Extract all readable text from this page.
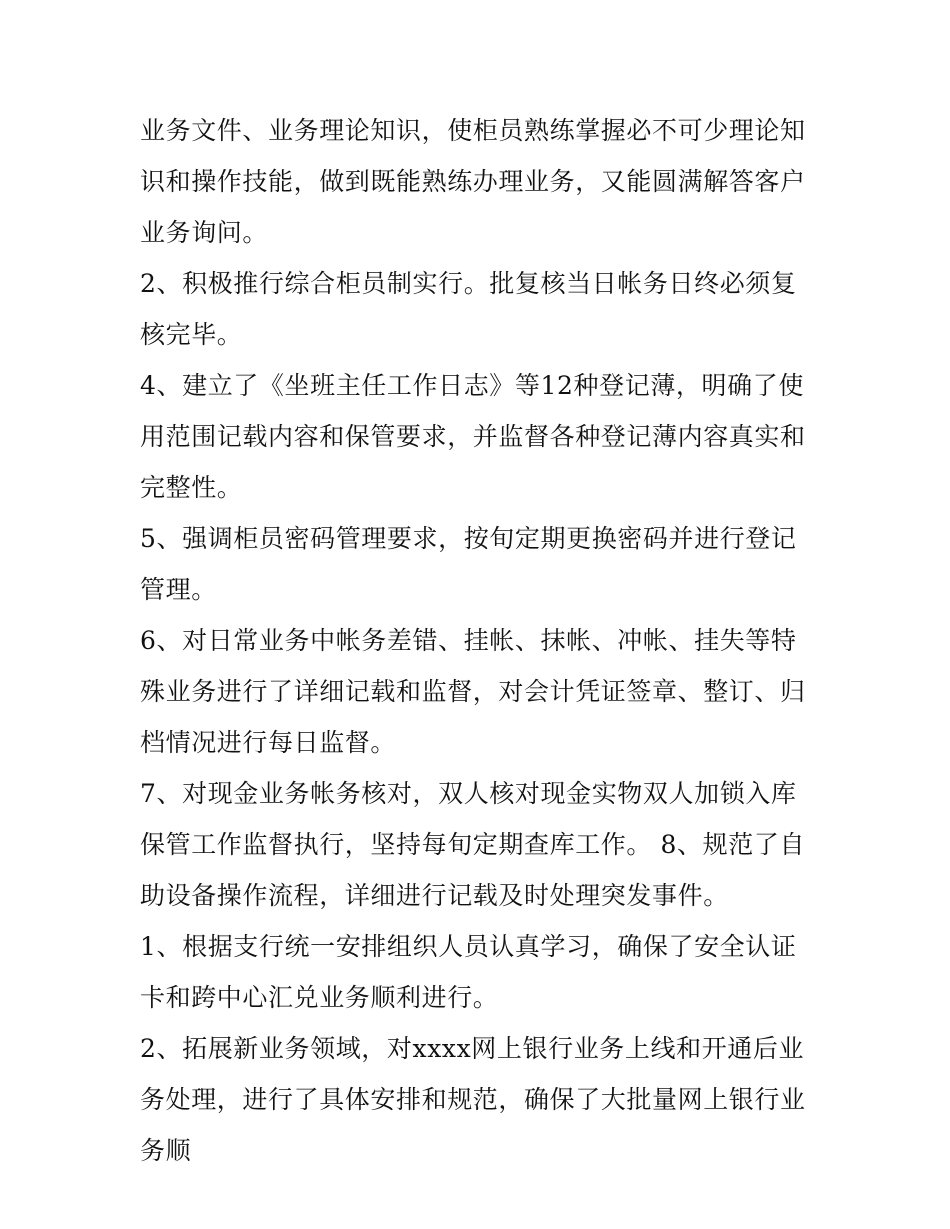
业务文件、业务理论知识，使柜员熟练掌握必不可少理论知识和操作技能，做到既能熟练办理业务，又能圆满解答客户业务询问。

2、积极推行综合柜员制实行。批复核当日帐务日终必须复核完毕。

4、建立了《坐班主任工作日志》等12种登记薄，明确了使用范围记载内容和保管要求，并监督各种登记薄内容真实和完整性。

5、强调柜员密码管理要求，按旬定期更换密码并进行登记管理。

6、对日常业务中帐务差错、挂帐、抹帐、冲帐、挂失等特殊业务进行了详细记载和监督，对会计凭证签章、整订、归档情况进行每日监督。

7、对现金业务帐务核对，双人核对现金实物双人加锁入库保管工作监督执行，坚持每旬定期查库工作。 8、规范了自助设备操作流程，详细进行记载及时处理突发事件。

1、根据支行统一安排组织人员认真学习，确保了安全认证卡和跨中心汇兑业务顺利进行。

2、拓展新业务领域，对xxxx网上银行业务上线和开通后业务处理，进行了具体安排和规范，确保了大批量网上银行业务顺
